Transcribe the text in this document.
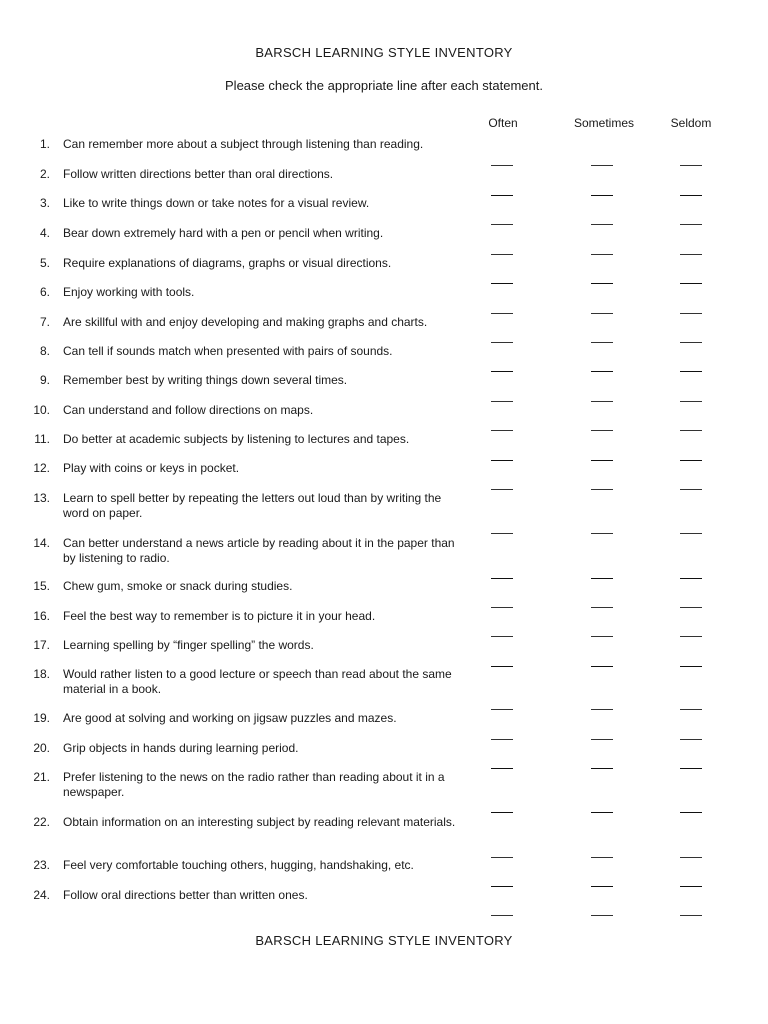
BARSCH LEARNING STYLE INVENTORY
Please check the appropriate line after each statement.
Often	Sometimes	Seldom
1. Can remember more about a subject through listening than reading.
2. Follow written directions better than oral directions.
3. Like to write things down or take notes for a visual review.
4. Bear down extremely hard with a pen or pencil when writing.
5. Require explanations of diagrams, graphs or visual directions.
6. Enjoy working with tools.
7. Are skillful with and enjoy developing and making graphs and charts.
8. Can tell if sounds match when presented with pairs of sounds.
9. Remember best by writing things down several times.
10. Can understand and follow directions on maps.
11. Do better at academic subjects by listening to lectures and tapes.
12. Play with coins or keys in pocket.
13. Learn to spell better by repeating the letters out loud than by writing the word on paper.
14. Can better understand a news article by reading about it in the paper than by listening to radio.
15. Chew gum, smoke or snack during studies.
16. Feel the best way to remember is to picture it in your head.
17. Learning spelling by “finger spelling” the words.
18. Would rather listen to a good lecture or speech than read about the same material in a book.
19. Are good at solving and working on jigsaw puzzles and mazes.
20. Grip objects in hands during learning period.
21. Prefer listening to the news on the radio rather than reading about it in a newspaper.
22. Obtain information on an interesting subject by reading relevant materials.
23. Feel very comfortable touching others, hugging, handshaking, etc.
24. Follow oral directions better than written ones.
BARSCH LEARNING STYLE INVENTORY
